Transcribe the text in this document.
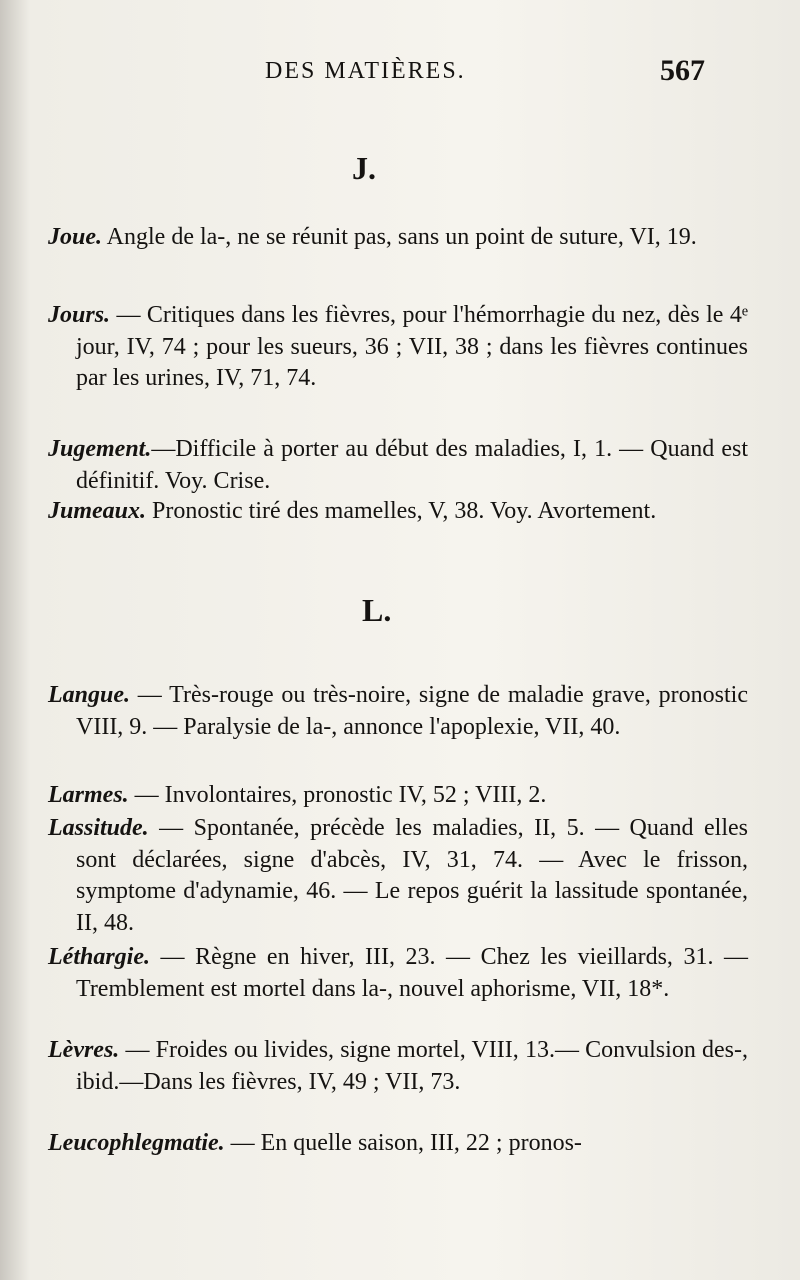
DES MATIÈRES.	567
J.

Joue. Angle de la-, ne se réunit pas, sans un point de suture, VI, 19.

Jours. — Critiques dans les fièvres, pour l'hémorrhagie du nez, dès le 4ᵉ jour, IV, 74 ; pour les sueurs, 36 ; VII, 38 ; dans les fièvres continues par les urines, IV, 71, 74.

Jugement.—Difficile à porter au début des maladies, I, 1. — Quand est définitif. Voy. Crise.

Jumeaux. Pronostic tiré des mamelles, V, 38. Voy. Avortement.

L.

Langue. — Très-rouge ou très-noire, signe de maladie grave, pronostic VIII, 9. — Paralysie de la-, annonce l'apoplexie, VII, 40.

Larmes. — Involontaires, pronostic IV, 52 ; VIII, 2.

Lassitude. — Spontanée, précède les maladies, II, 5. — Quand elles sont déclarées, signe d'abcès, IV, 31, 74. — Avec le frisson, symptome d'adynamie, 46. — Le repos guérit la lassitude spontanée, II, 48.

Léthargie. — Règne en hiver, III, 23. — Chez les vieillards, 31. — Tremblement est mortel dans la-, nouvel aphorisme, VII, 18*.

Lèvres. — Froides ou livides, signe mortel, VIII, 13.— Convulsion des-, ibid.—Dans les fièvres, IV, 49 ; VII, 73.

Leucophlegmatie. — En quelle saison, III, 22 ; pronos-
